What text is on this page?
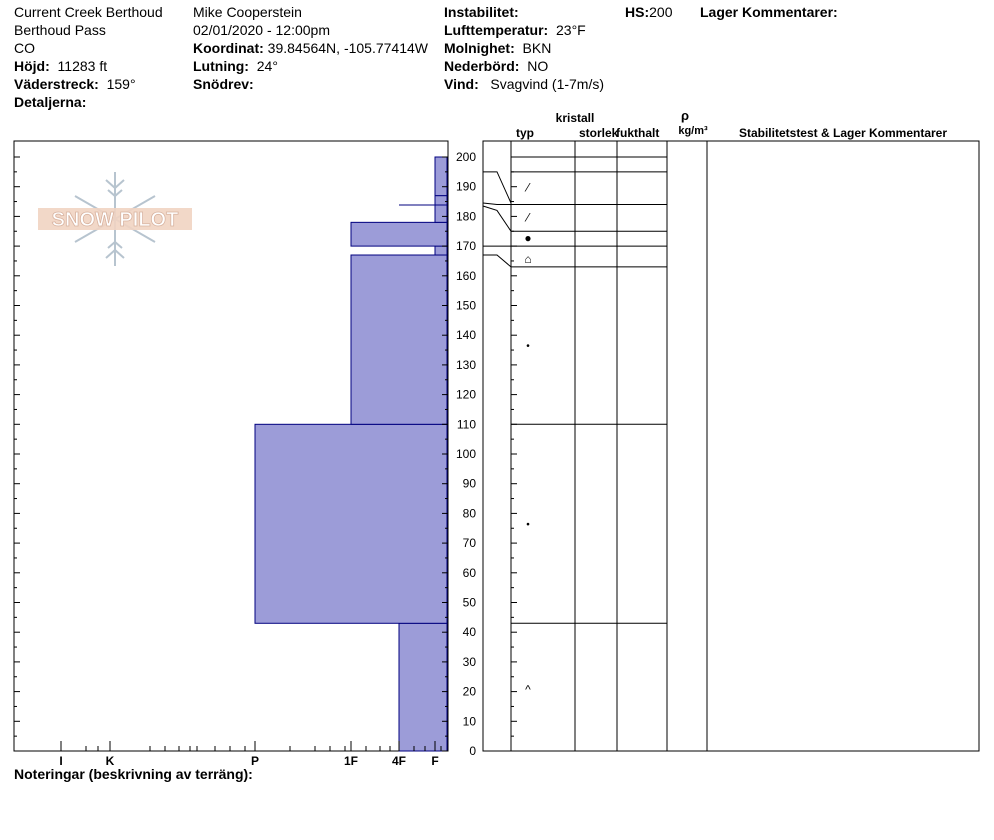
Current Creek Berthoud
Berthoud Pass
CO
Höjd: 11283 ft
Väderstreck: 159°
Detaljerna:
Mike Cooperstein
02/01/2020 - 12:00pm
Koordinat: 39.84564N, -105.77414W
Lutning: 24°
Snödrev:
Instabilitet:
Lufttemperatur: 23°F
Molnighet: BKN
Nederbörd: NO
Vind: Svagvind (1-7m/s)
HS:200 Lager Kommentarer:
Noteringar (beskrivning av terräng):
SNOW PILOT
0
10
20
30
40
50
60
70
80
90
100
110
120
130
140
150
160
170
180
190
200
I	K	P	1F	4F F
^
•
•
⌂
●
⁄
⁄
kristall
typ	storlek
fukthalt
ρ
kg/m³	Stabilitetstest & Lager Kommentarer
